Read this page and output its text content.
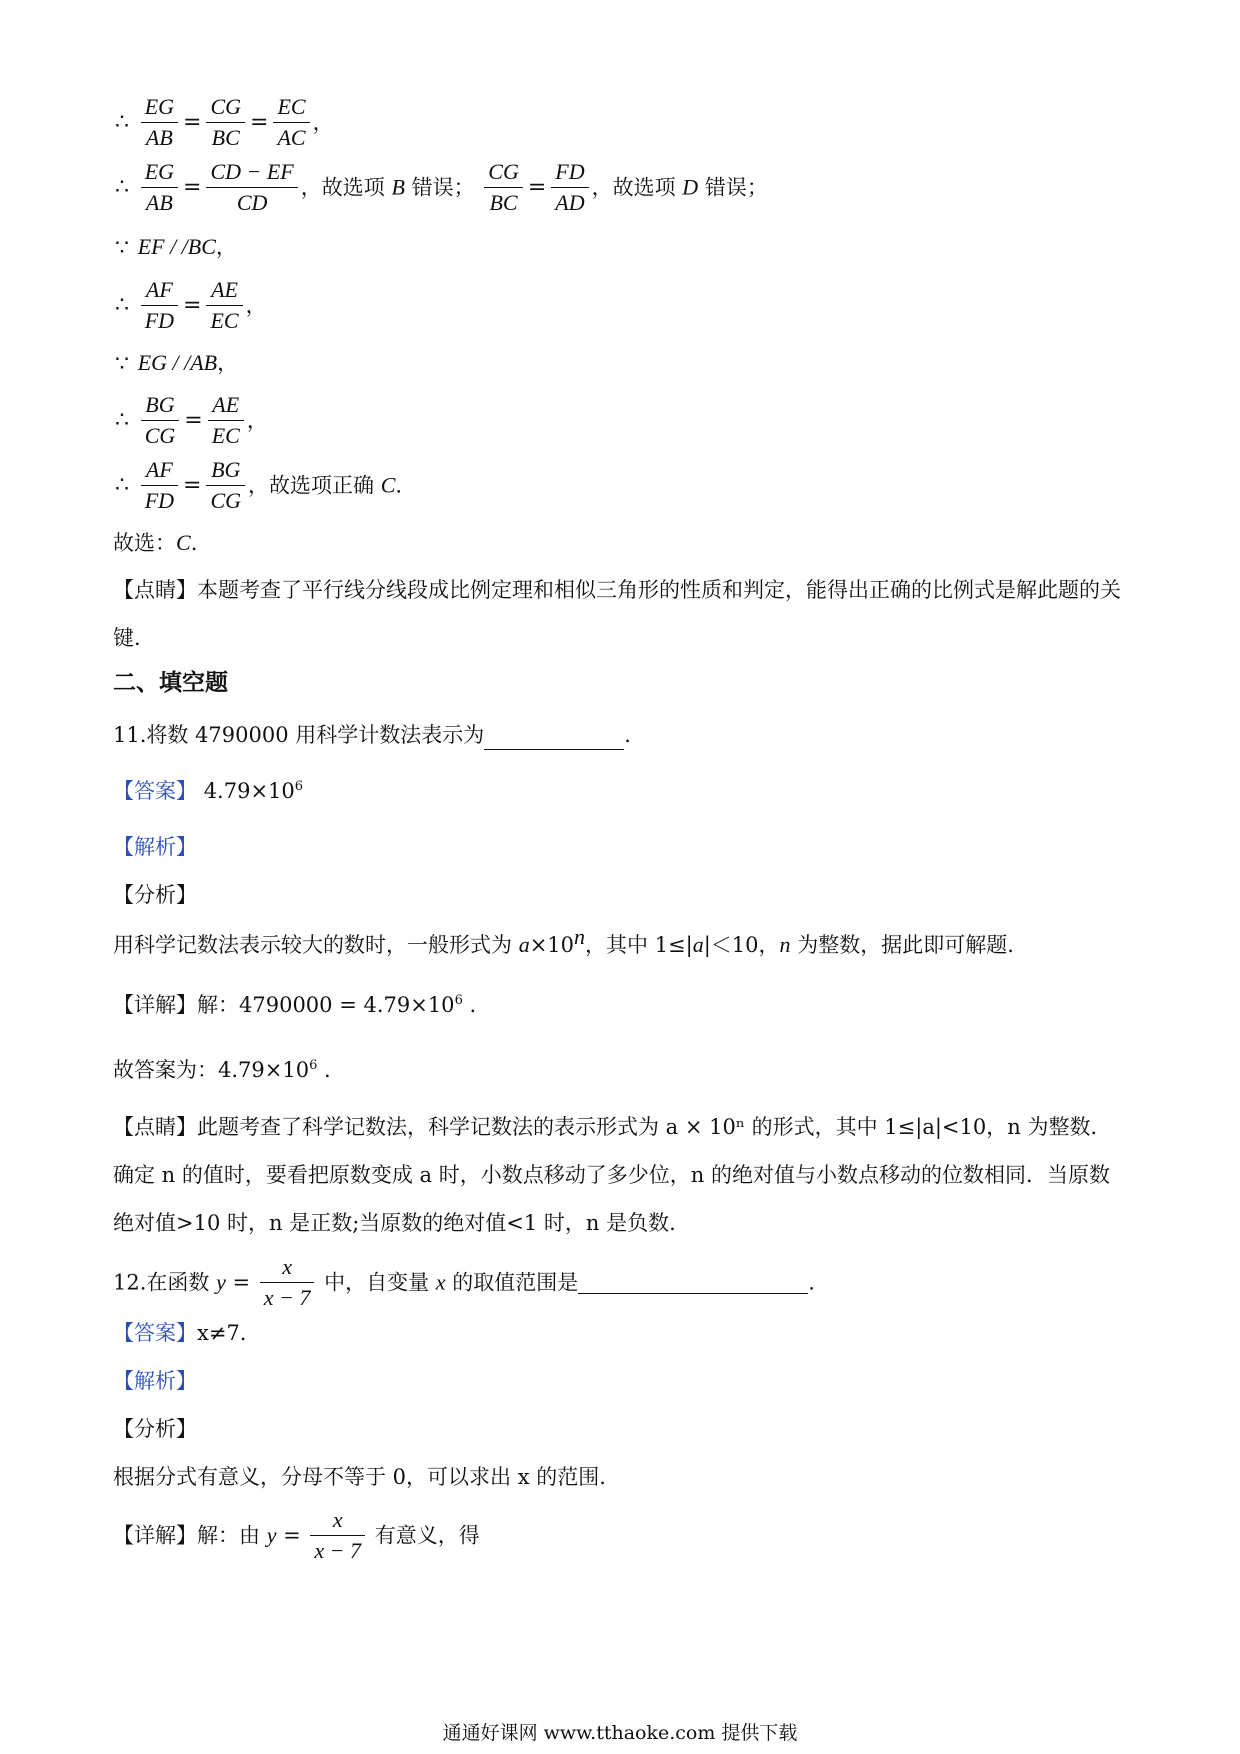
∴ $\frac{EG}{AB} = \frac{CG}{BC} = \frac{EC}{AC}$ ，
∴ $\frac{EG}{AB} = \frac{CD - EF}{CD}$ ，故选项 B 错误； $\frac{CG}{BC} = \frac{FD}{AD}$ ，故选项 D 错误；
∵ EF / /BC，
∴ $\frac{AF}{FD} = \frac{AE}{EC}$ ，
∵ EG / /AB，
∴ $\frac{BG}{CG} = \frac{AE}{EC}$ ，
∴ $\frac{AF}{FD} = \frac{BG}{CG}$ ，故选项正确 C.
故选：C.
【点睛】本题考查了平行线分线段成比例定理和相似三角形的性质和判定，能得出正确的比例式是解此题的关键.
二、填空题
11.将数 4790000 用科学计数法表示为	.
【答案】 $4.79\times 10^6$
【解析】
【分析】
用科学记数法表示较大的数时，一般形式为 $a\times 10^n$，其中 1≤|a|＜10，n 为整数，据此即可解题.
【详解】解：$4790000 = 4.79\times 10^6$ .
故答案为：$4.79\times 10^6$ .
【点睛】此题考查了科学记数法，科学记数法的表示形式为 a × 10ⁿ 的形式，其中 1≤|a|<10，n 为整数．确定 n 的值时，要看把原数变成 a 时，小数点移动了多少位，n 的绝对值与小数点移动的位数相同．当原数绝对值>10 时，n 是正数;当原数的绝对值<1 时，n 是负数.
12.在函数 $y = \frac{x}{x - 7}$ 中，自变量 x 的取值范围是	.
【答案】x≠7.
【解析】
【分析】
根据分式有意义，分母不等于 0，可以求出 x 的范围.
【详解】解：由 $y = \frac{x}{x - 7}$ 有意义，得
通通好课网 www.tthaoke.com 提供下载
